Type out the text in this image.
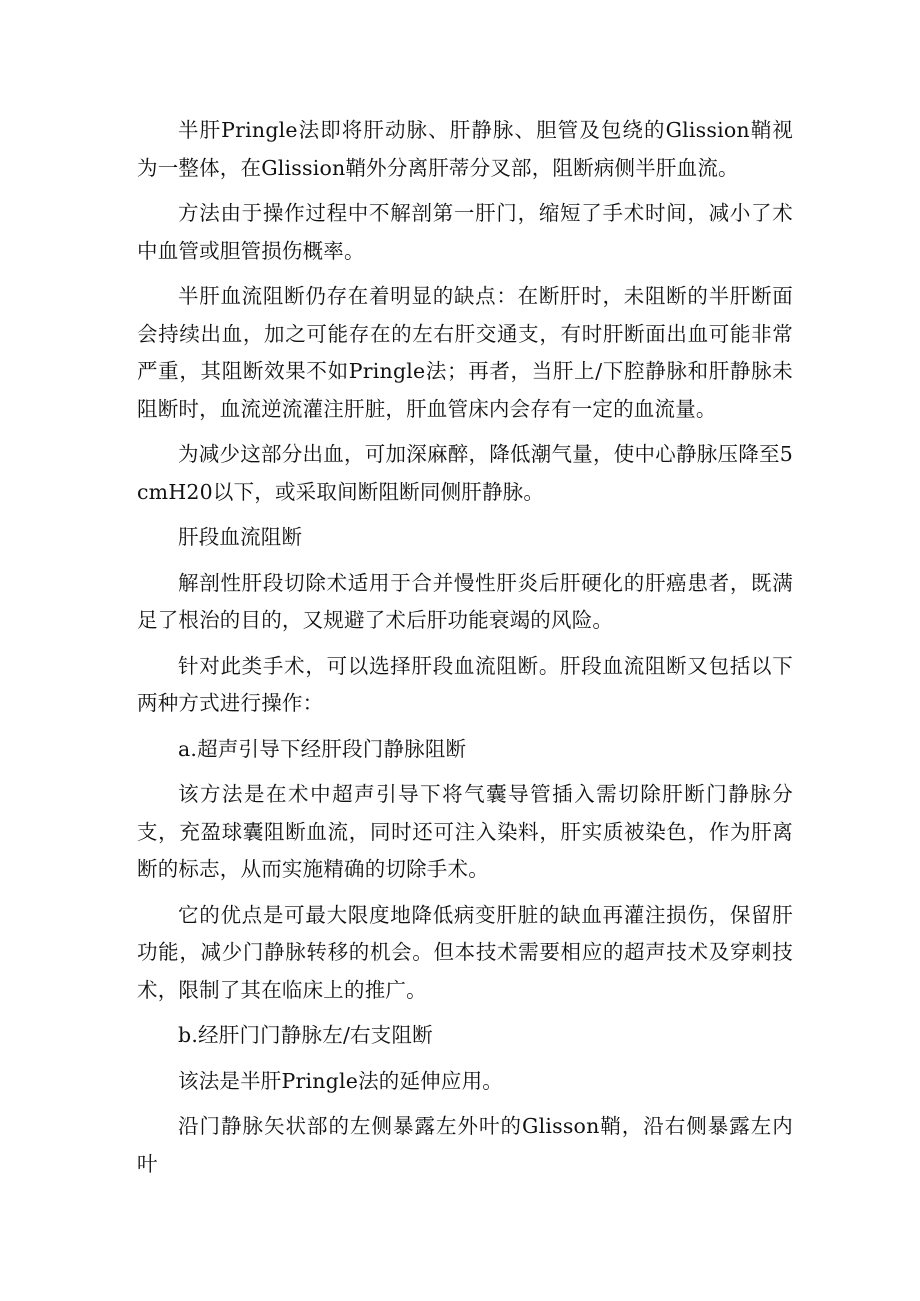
半肝Pringle法即将肝动脉、肝静脉、胆管及包绕的Glission鞘视为一整体，在Glission鞘外分离肝蒂分叉部，阻断病侧半肝血流。

方法由于操作过程中不解剖第一肝门，缩短了手术时间，减小了术中血管或胆管损伤概率。

半肝血流阻断仍存在着明显的缺点：在断肝时，未阻断的半肝断面会持续出血，加之可能存在的左右肝交通支，有时肝断面出血可能非常严重，其阻断效果不如Pringle法；再者，当肝上/下腔静脉和肝静脉未阻断时，血流逆流灌注肝脏，肝血管床内会存有一定的血流量。

为减少这部分出血，可加深麻醉，降低潮气量，使中心静脉压降至5cmH20以下，或采取间断阻断同侧肝静脉。

肝段血流阻断

解剖性肝段切除术适用于合并慢性肝炎后肝硬化的肝癌患者，既满足了根治的目的，又规避了术后肝功能衰竭的风险。

针对此类手术，可以选择肝段血流阻断。肝段血流阻断又包括以下两种方式进行操作：

a.超声引导下经肝段门静脉阻断

该方法是在术中超声引导下将气囊导管插入需切除肝断门静脉分支，充盈球囊阻断血流，同时还可注入染料，肝实质被染色，作为肝离断的标志，从而实施精确的切除手术。

它的优点是可最大限度地降低病变肝脏的缺血再灌注损伤，保留肝功能，减少门静脉转移的机会。但本技术需要相应的超声技术及穿刺技术，限制了其在临床上的推广。

b.经肝门门静脉左/右支阻断

该法是半肝Pringle法的延伸应用。

沿门静脉矢状部的左侧暴露左外叶的Glisson鞘，沿右侧暴露左内叶
